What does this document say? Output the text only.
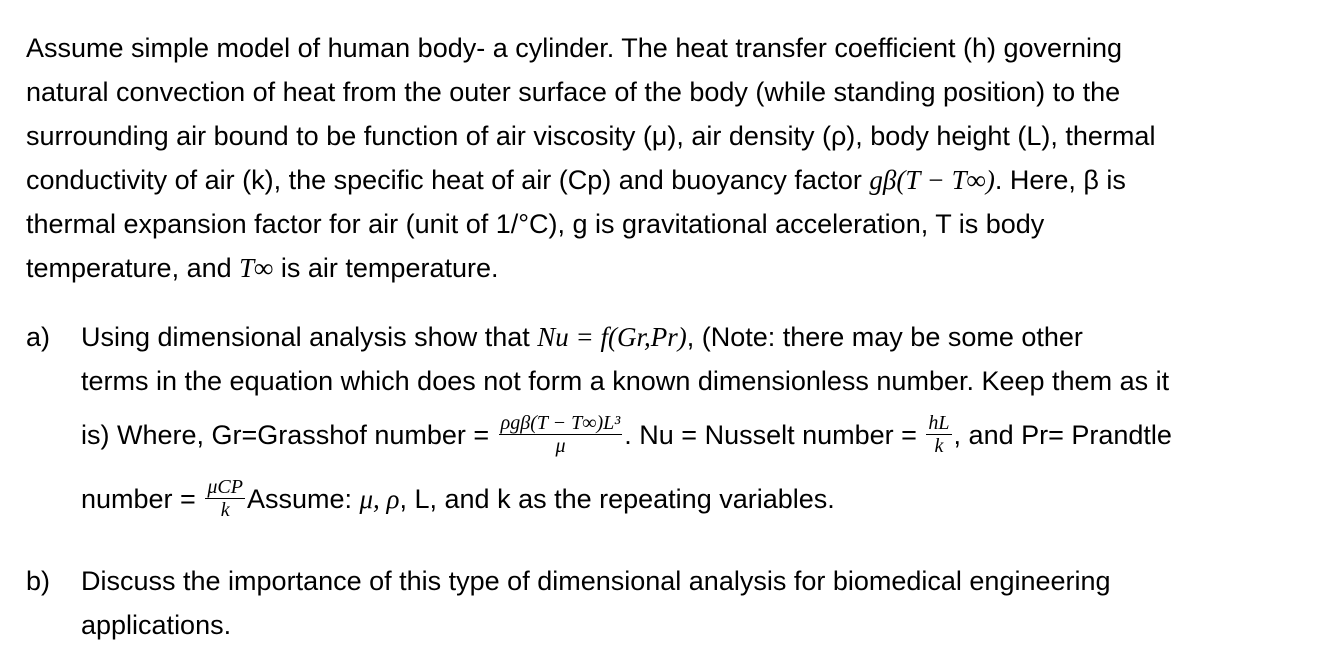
Assume simple model of human body- a cylinder. The heat transfer coefficient (h) governing
natural convection of heat from the outer surface of the body (while standing position) to the
surrounding air bound to be function of air viscosity (μ), air density (ρ), body height (L), thermal
conductivity of air (k), the specific heat of air (Cp) and buoyancy factor gβ(T − T∞). Here, β is
thermal expansion factor for air (unit of 1/°C), g is gravitational acceleration, T is body
temperature, and T∞ is air temperature.
a) Using dimensional analysis show that Nu = f(Gr,Pr), (Note: there may be some other
terms in the equation which does not form a known dimensionless number. Keep them as it
is) Where, Gr=Grasshof number = $\frac{\text{ρgβ(T − T∞)L³}}{\mu}$ . Nu = Nusselt number = $\frac{hL}{k}$ , and Pr= Prandtle
number = $\frac{\text{μCP}}{k}$ Assume: μ, ρ, L, and k as the repeating variables.
b) Discuss the importance of this type of dimensional analysis for biomedical engineering
applications.
